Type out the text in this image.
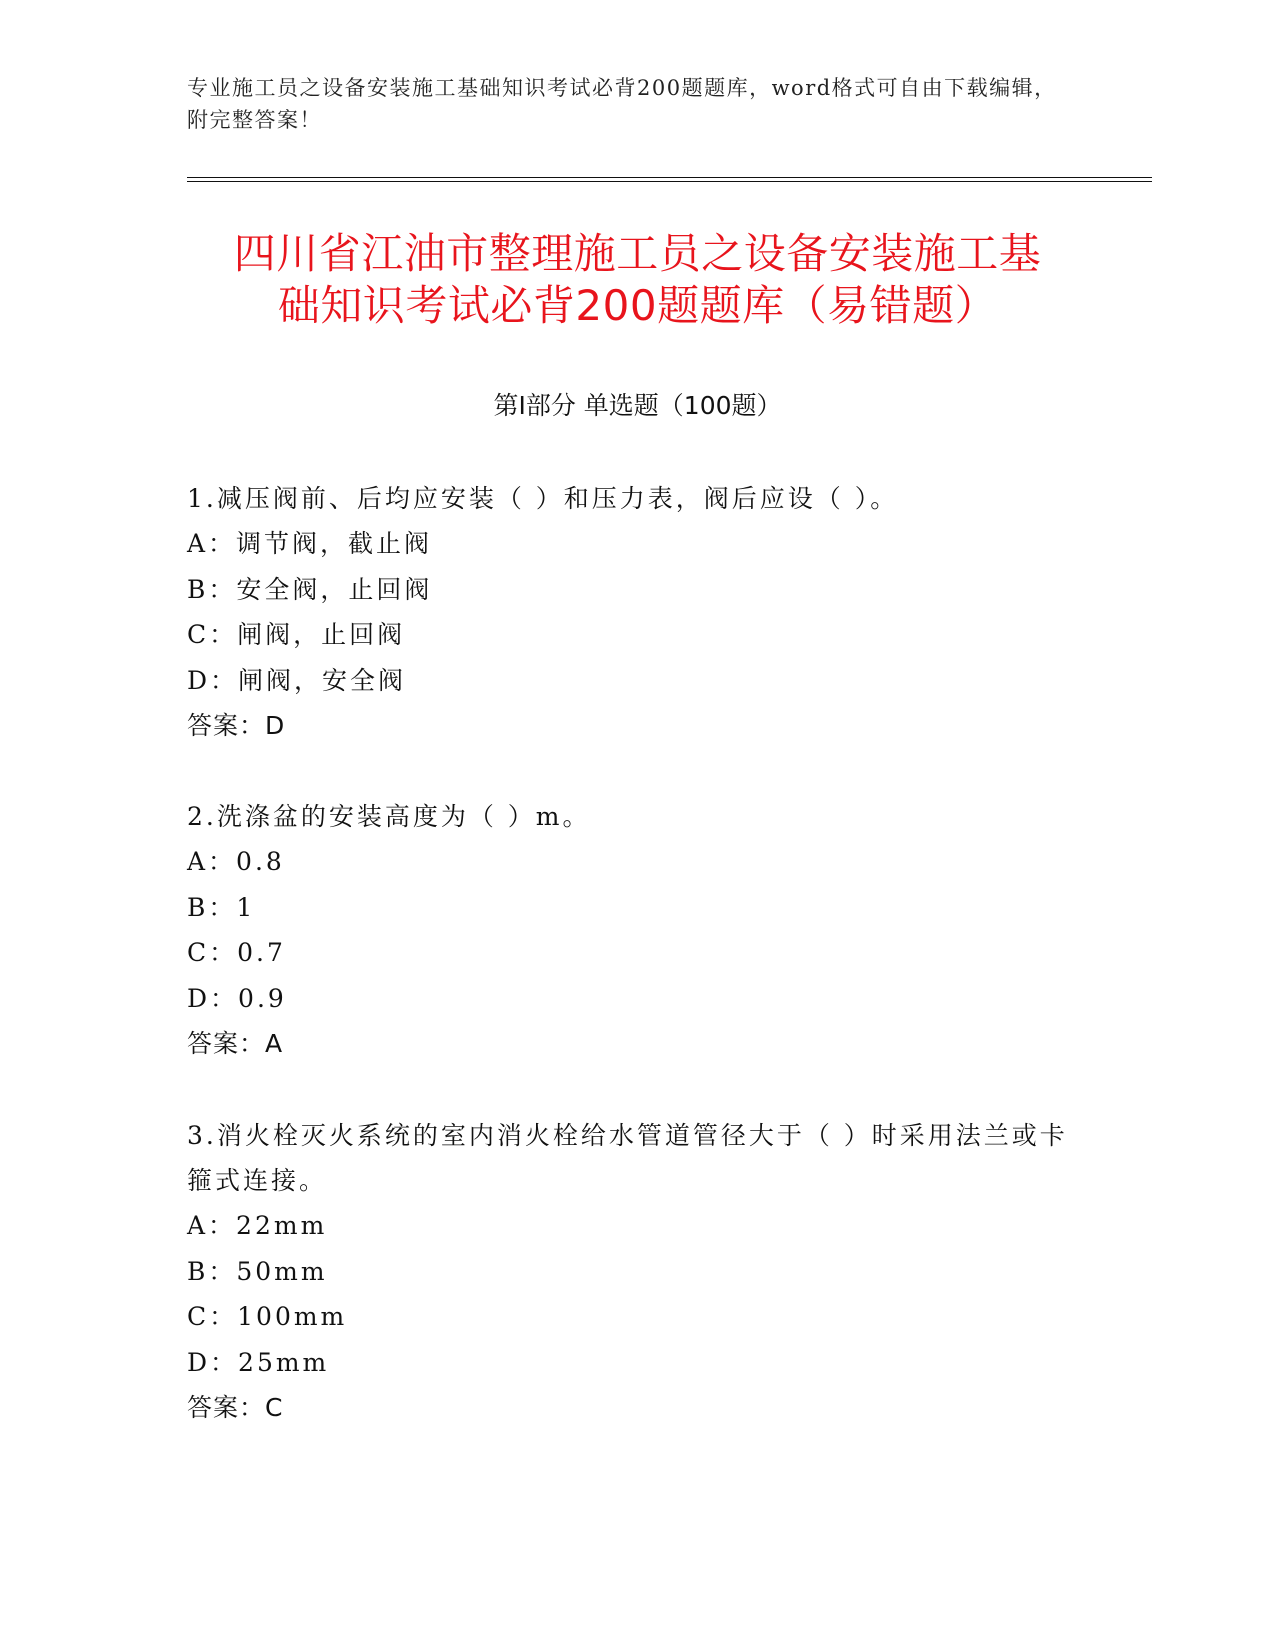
专业施工员之设备安装施工基础知识考试必背200题题库，word格式可自由下载编辑，附完整答案！
四川省江油市整理施工员之设备安装施工基
础知识考试必背200题题库（易错题）
第Ⅰ部分 单选题（100题）
1.减压阀前、后均应安装（ ）和压力表，阀后应设（ ）。
A：调节阀，截止阀
B：安全阀，止回阀
C：闸阀，止回阀
D：闸阀，安全阀
答案：D
2.洗涤盆的安装高度为（ ）m。
A：0.8
B：1
C：0.7
D：0.9
答案：A
3.消火栓灭火系统的室内消火栓给水管道管径大于（ ）时采用法兰或卡箍式连接。
A：22mm
B：50mm
C：100mm
D：25mm
答案：C
